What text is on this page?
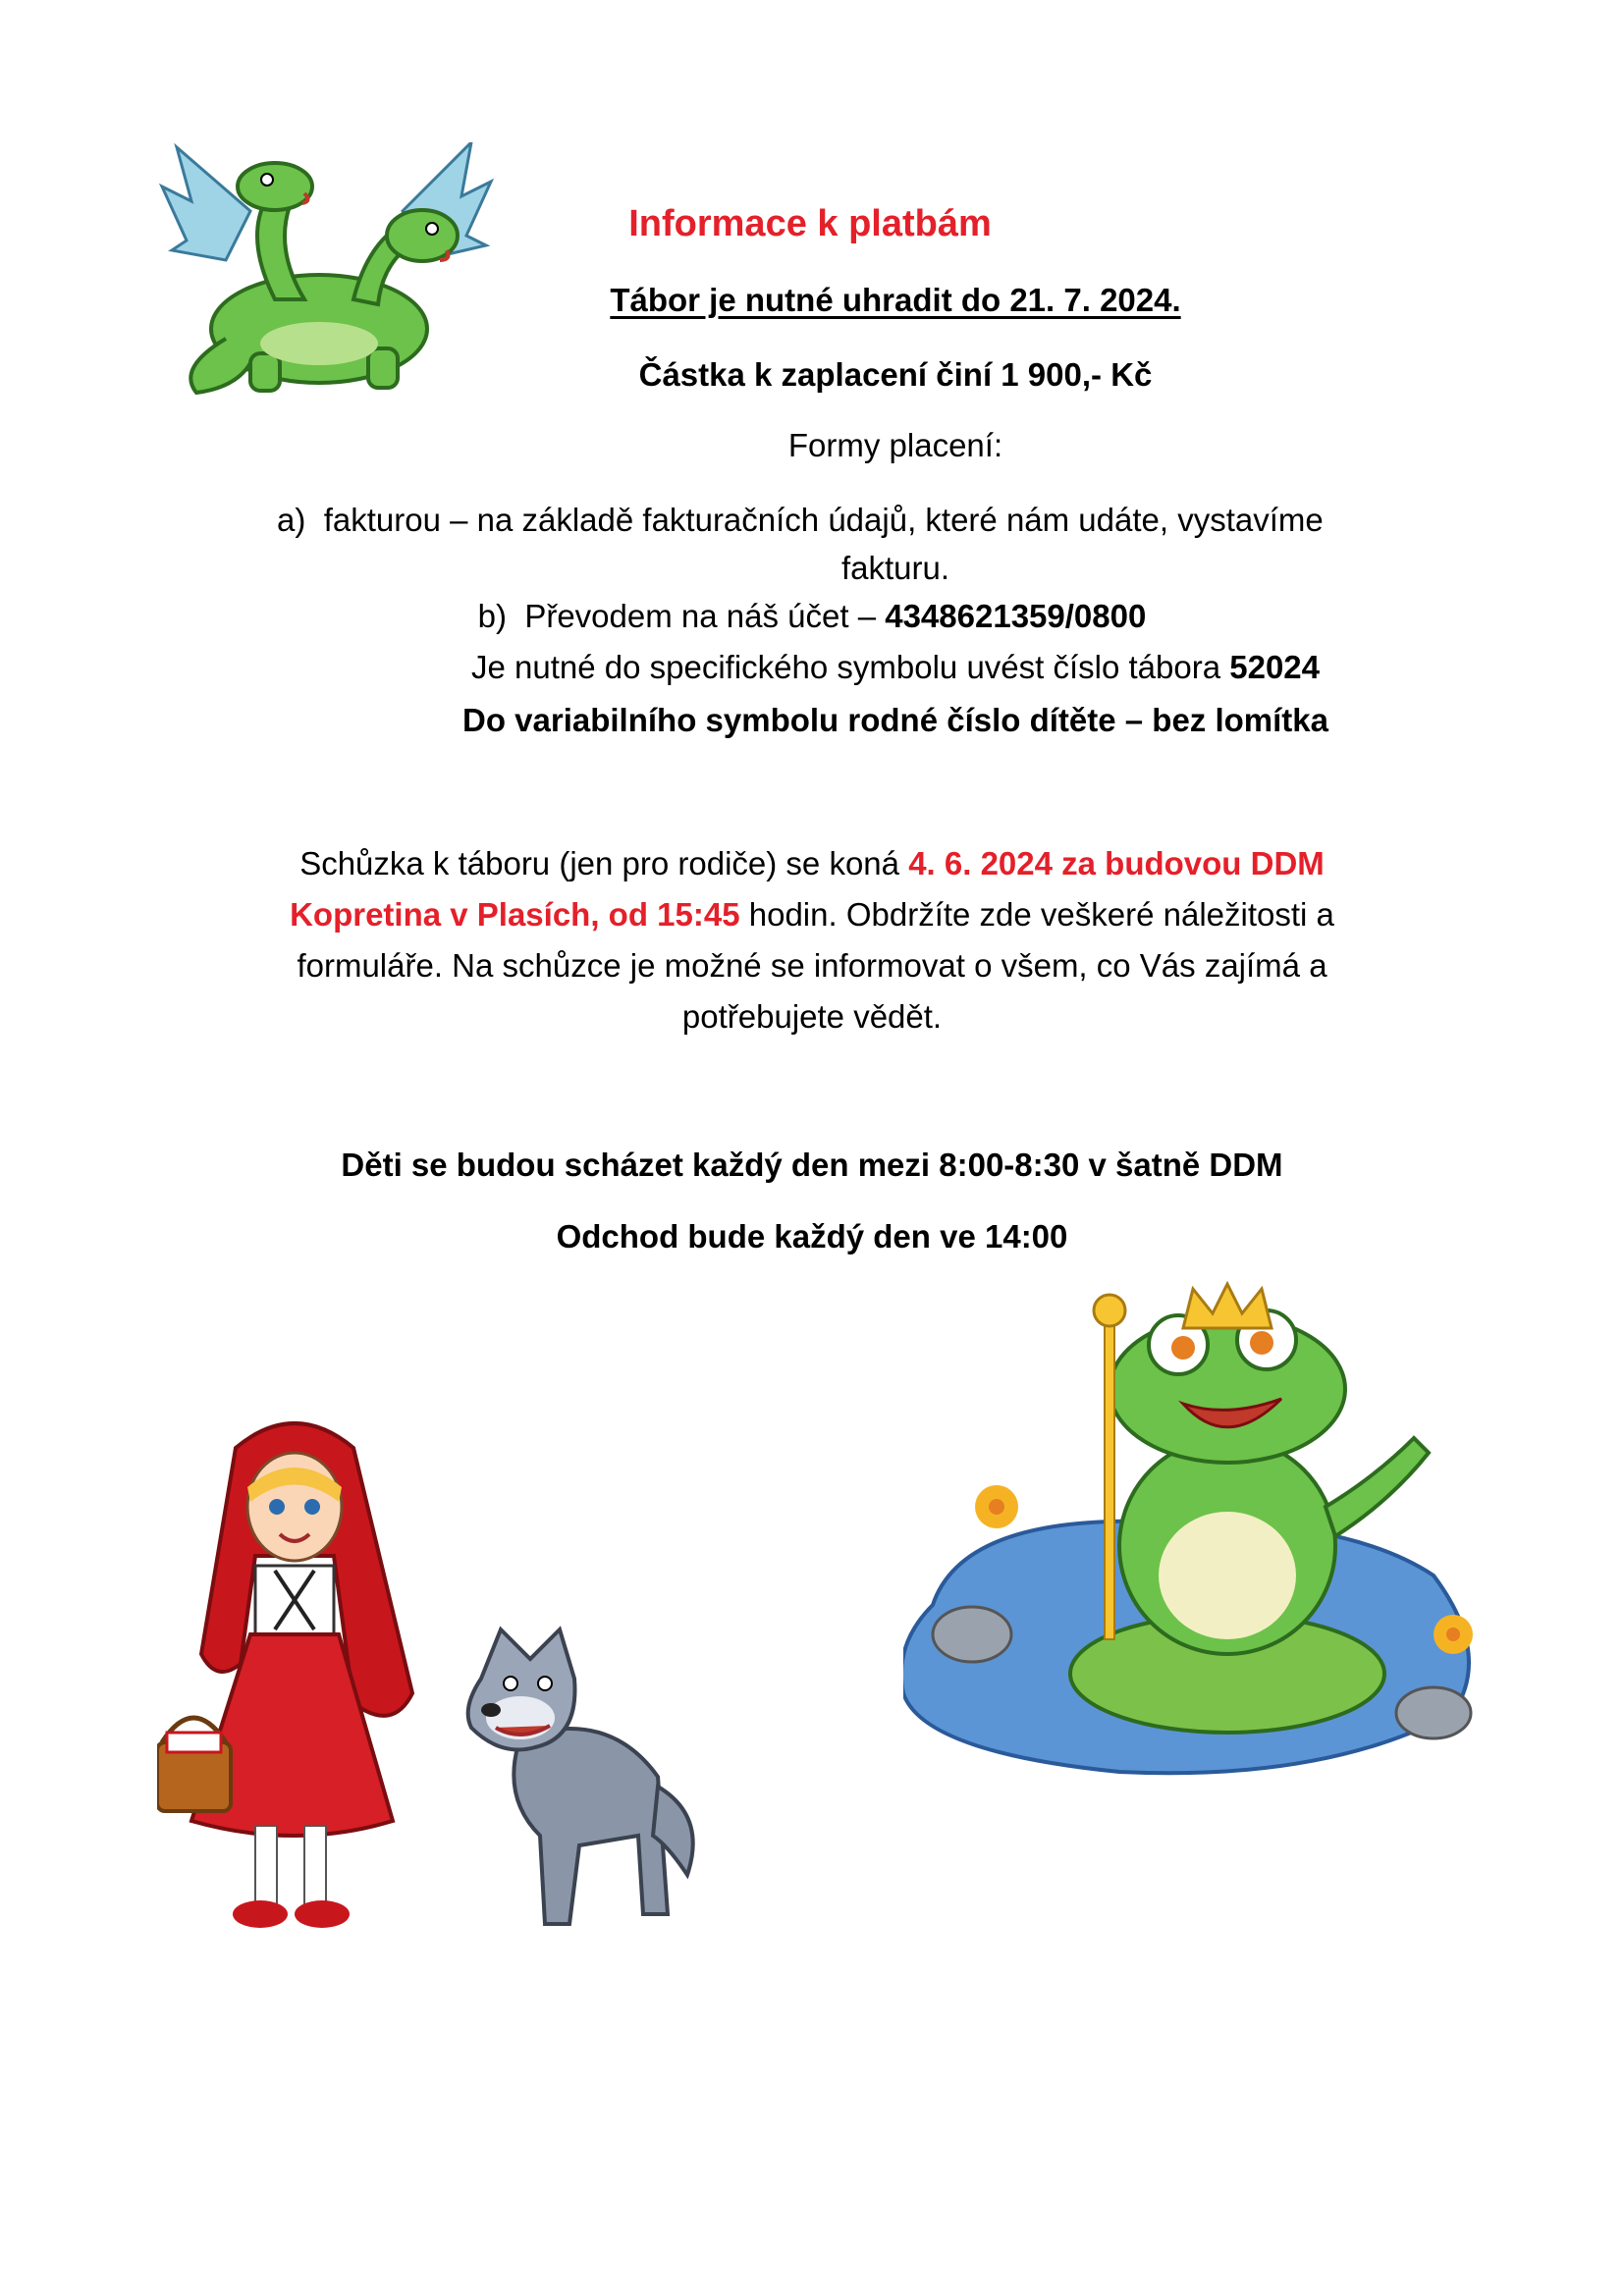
Informace k platbám
Tábor je nutné uhradit do 21. 7. 2024.
Částka k zaplacení činí 1 900,- Kč
Formy placení:
a) fakturou – na základě fakturačních údajů, které nám udáte, vystavíme
fakturu.
b) Převodem na náš účet – 4348621359/0800
Je nutné do specifického symbolu uvést číslo tábora 52024
Do variabilního symbolu rodné číslo dítěte – bez lomítka
Schůzka k táboru (jen pro rodiče) se koná 4. 6. 2024 za budovou DDM
Kopretina v Plasích, od 15:45 hodin. Obdržíte zde veškeré náležitosti a
formuláře. Na schůzce je možné se informovat o všem, co Vás zajímá a
potřebujete vědět.
Děti se budou scházet každý den mezi 8:00-8:30 v šatně DDM
Odchod bude každý den ve 14:00
